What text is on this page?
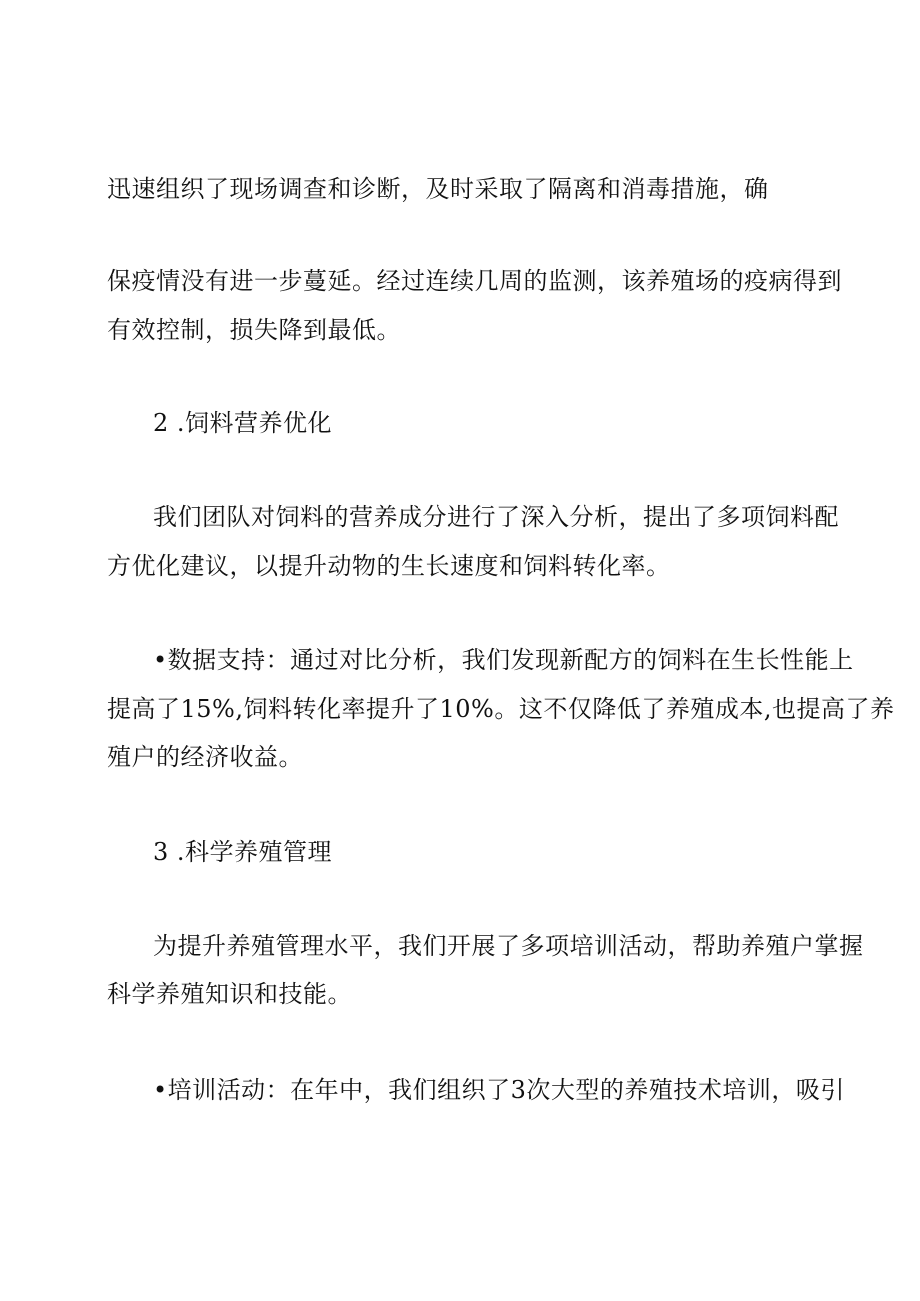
迅速组织了现场调查和诊断，及时采取了隔离和消毒措施，确
保疫情没有进一步蔓延。经过连续几周的监测，该养殖场的疫病得到
有效控制，损失降到最低。
2 .饲料营养优化
我们团队对饲料的营养成分进行了深入分析，提出了多项饲料配
方优化建议，以提升动物的生长速度和饲料转化率。
•数据支持：通过对比分析，我们发现新配方的饲料在生长性能上
提高了15%,饲料转化率提升了10%。这不仅降低了养殖成本,也提高了养
殖户的经济收益。
3 .科学养殖管理
为提升养殖管理水平，我们开展了多项培训活动，帮助养殖户掌握
科学养殖知识和技能。
•培训活动：在年中，我们组织了3次大型的养殖技术培训，吸引
